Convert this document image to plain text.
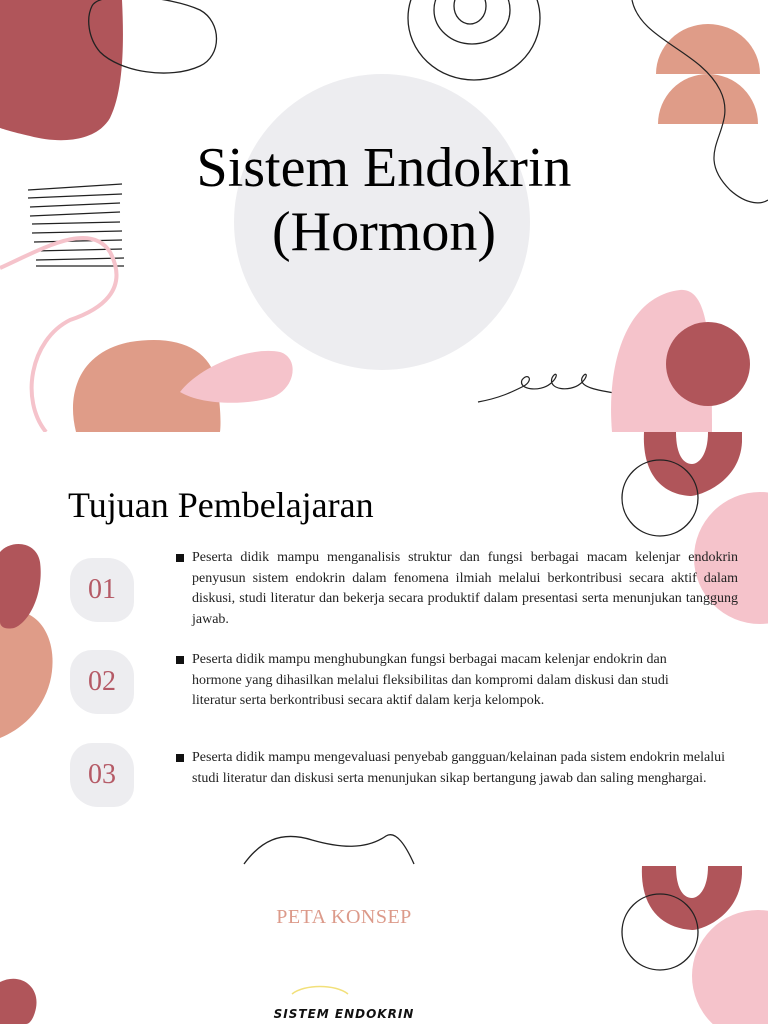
Sistem Endokrin
(Hormon)
Tujuan Pembelajaran
01
Peserta didik mampu menganalisis struktur dan fungsi berbagai macam kelenjar endokrin penyusun sistem endokrin dalam fenomena ilmiah melalui berkontribusi secara aktif dalam diskusi, studi literatur dan bekerja secara produktif dalam presentasi serta menunjukan tanggung jawab.
02
Peserta didik mampu menghubungkan fungsi berbagai macam kelenjar endokrin dan hormone yang dihasilkan melalui fleksibilitas dan kompromi dalam diskusi dan studi literatur serta berkontribusi secara aktif dalam kerja kelompok.
03
Peserta didik mampu mengevaluasi penyebab gangguan/kelainan pada sistem endokrin melalui studi literatur dan diskusi serta menunjukan sikap bertangung jawab dan saling menghargai.

PETA KONSEP

SISTEM ENDOKRIN
